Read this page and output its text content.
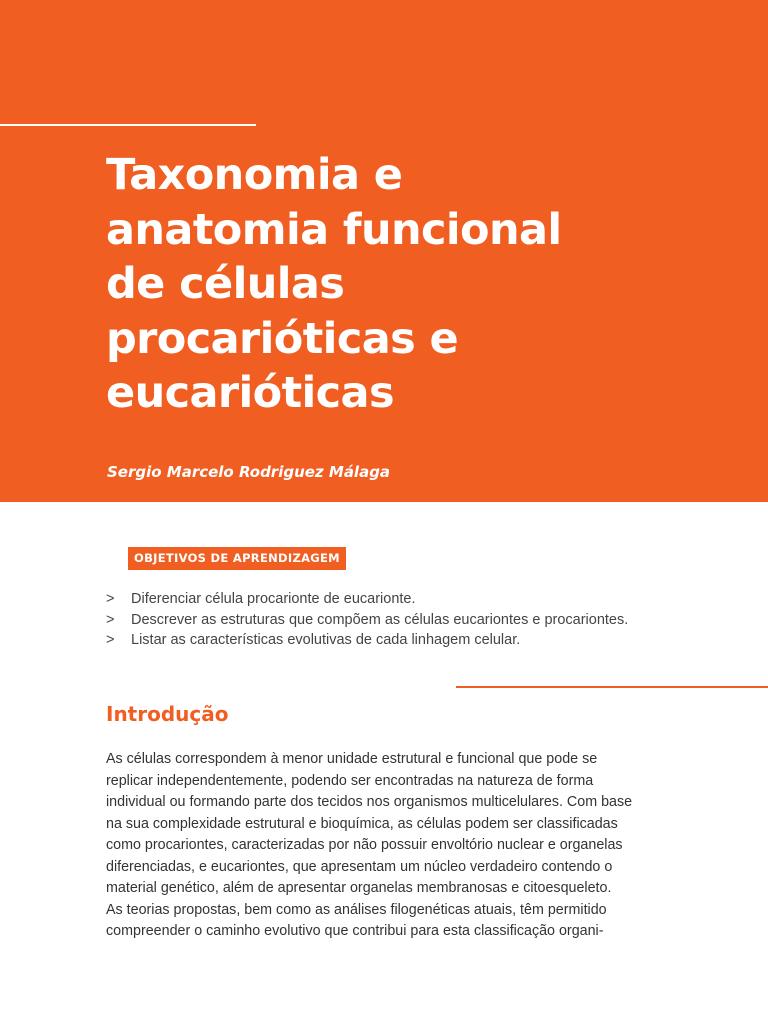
Taxonomia e
anatomia funcional
de células
procarióticas e
eucarióticas
Sergio Marcelo Rodriguez Málaga
OBJETIVOS DE APRENDIZAGEM
> Diferenciar célula procarionte de eucarionte.
> Descrever as estruturas que compõem as células eucariontes e procariontes.
> Listar as características evolutivas de cada linhagem celular.
Introdução
As células correspondem à menor unidade estrutural e funcional que pode se
replicar independentemente, podendo ser encontradas na natureza de forma
individual ou formando parte dos tecidos nos organismos multicelulares. Com base
na sua complexidade estrutural e bioquímica, as células podem ser classificadas
como procariontes, caracterizadas por não possuir envoltório nuclear e organelas
diferenciadas, e eucariontes, que apresentam um núcleo verdadeiro contendo o
material genético, além de apresentar organelas membranosas e citoesqueleto.
As teorias propostas, bem como as análises filogenéticas atuais, têm permitido
compreender o caminho evolutivo que contribui para esta classificação organi-
